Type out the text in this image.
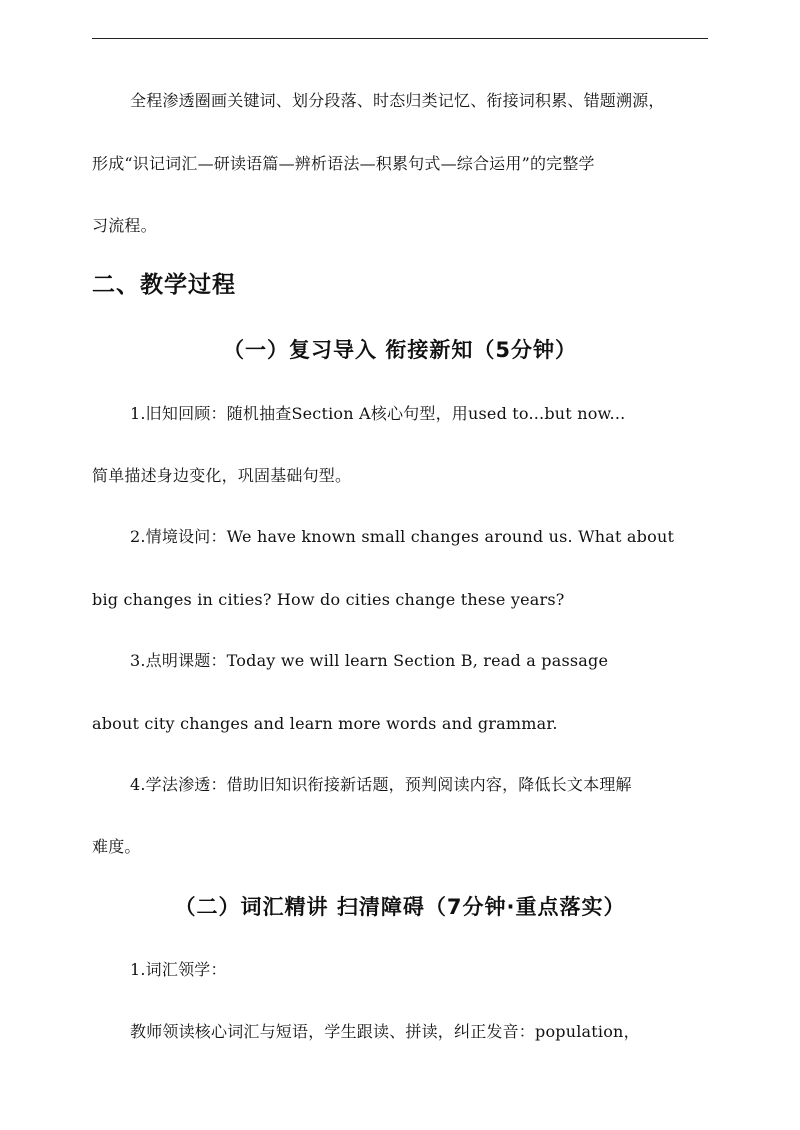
全程渗透圈画关键词、划分段落、时态归类记忆、衔接词积累、错题溯源，
形成“识记词汇—研读语篇—辨析语法—积累句式—综合运用”的完整学
习流程。
二、教学过程
（一）复习导入 衔接新知（5分钟）
1.旧知回顾：随机抽查Section A核心句型，用used to...but now...
简单描述身边变化，巩固基础句型。
2.情境设问：We have known small changes around us. What about
big changes in cities? How do cities change these years?
3.点明课题：Today we will learn Section B, read a passage
about city changes and learn more words and grammar.
4.学法渗透：借助旧知识衔接新话题，预判阅读内容，降低长文本理解
难度。
（二）词汇精讲 扫清障碍（7分钟·重点落实）
1.词汇领学：
教师领读核心词汇与短语，学生跟读、拼读，纠正发音：population，
